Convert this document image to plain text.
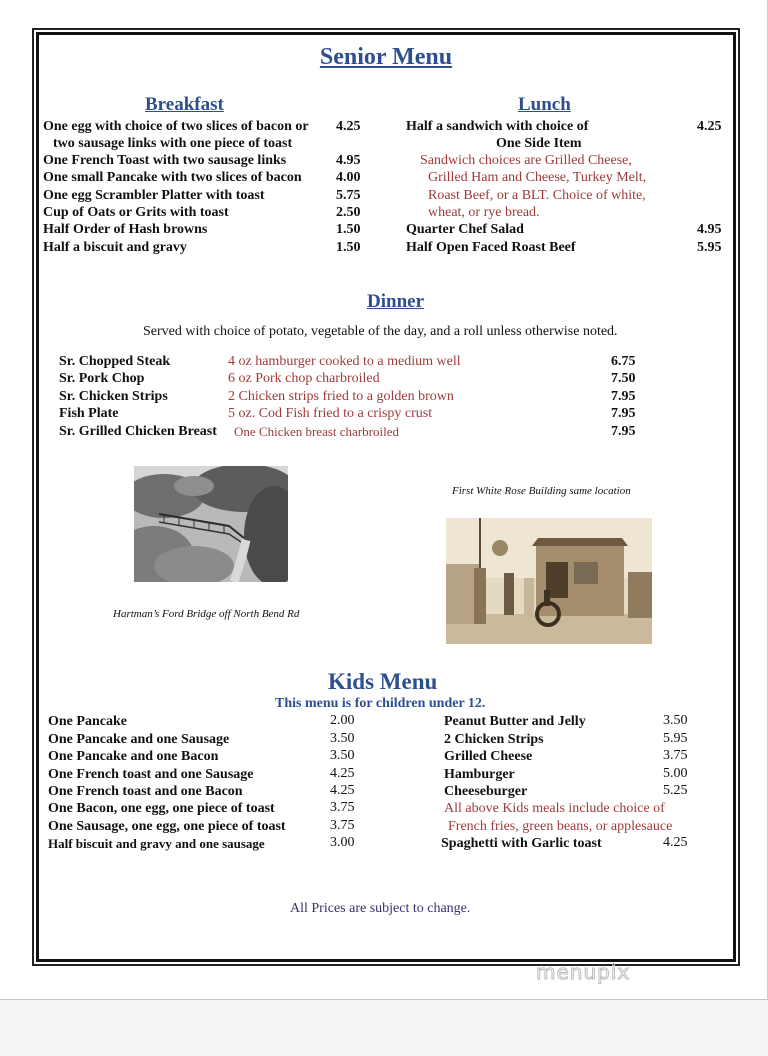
Senior Menu
Breakfast
One egg with choice of two slices of bacon or 4.25
two sausage links with one piece of toast
One French Toast with two sausage links	4.95
One small Pancake with two slices of bacon 4.00
One egg Scrambler Platter with toast	5.75
Cup of Oats or Grits with toast	2.50
Half Order of Hash browns	1.50
Half a biscuit and gravy	1.50
Lunch
Half a sandwich with choice of	4.25
One Side Item
Sandwich choices are Grilled Cheese,
Grilled Ham and Cheese, Turkey Melt,
Roast Beef, or a BLT. Choice of white,
wheat, or rye bread.
Quarter Chef Salad	4.95
Half Open Faced Roast Beef	5.95
Dinner
Served with choice of potato, vegetable of the day, and a roll unless otherwise noted.
Sr. Chopped Steak	4 oz hamburger cooked to a medium well	6.75
Sr. Pork Chop	6 oz Pork chop charbroiled	7.50
Sr. Chicken Strips	2 Chicken strips fried to a golden brown	7.95
Fish Plate	5 oz. Cod Fish fried to a crispy crust	7.95
Sr. Grilled Chicken Breast One Chicken breast charbroiled	7.95
Hartman’s Ford Bridge off North Bend Rd
First White Rose Building same location
Kids Menu
This menu is for children under 12.
One Pancake	2.00
One Pancake and one Sausage	3.50
One Pancake and one Bacon	3.50
One French toast and one Sausage	4.25
One French toast and one Bacon	4.25
One Bacon, one egg, one piece of toast	3.75
One Sausage, one egg, one piece of toast	3.75
Half biscuit and gravy and one sausage	3.00
Peanut Butter and Jelly	3.50
2 Chicken Strips	5.95
Grilled Cheese	3.75
Hamburger	5.00
Cheeseburger	5.25
All above Kids meals include choice of
French fries, green beans, or applesauce
Spaghetti with Garlic toast	4.25
All Prices are subject to change.
menupix
